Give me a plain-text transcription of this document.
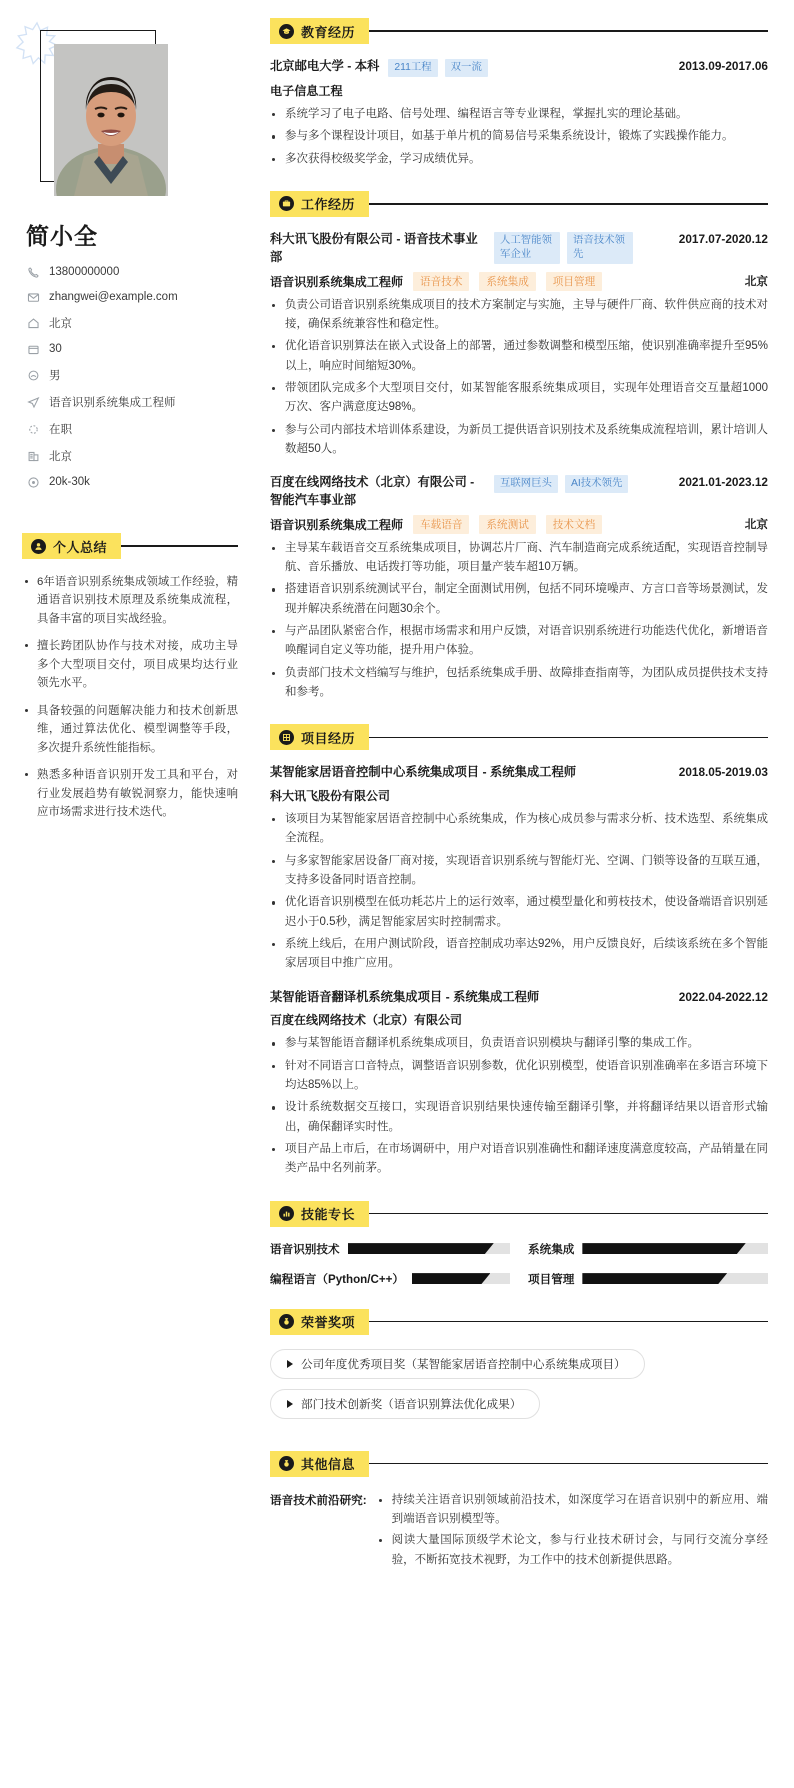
简小全
13800000000
zhangwei@example.com
北京
30
男
语音识别系统集成工程师
在职
北京
20k-30k
个人总结
6年语音识别系统集成领域工作经验，精通语音识别技术原理及系统集成流程，具备丰富的项目实战经验。
擅长跨团队协作与技术对接，成功主导多个大型项目交付，项目成果均达行业领先水平。
具备较强的问题解决能力和技术创新思维，通过算法优化、模型调整等手段，多次提升系统性能指标。
熟悉多种语音识别开发工具和平台，对行业发展趋势有敏锐洞察力，能快速响应市场需求进行技术迭代。
教育经历
北京邮电大学 - 本科	211工程	双一流	2013.09-2017.06
电子信息工程
系统学习了电子电路、信号处理、编程语言等专业课程，掌握扎实的理论基础。
参与多个课程设计项目，如基于单片机的简易信号采集系统设计，锻炼了实践操作能力。
多次获得校级奖学金，学习成绩优异。
工作经历
科大讯飞股份有限公司 - 语音技术事业部
人工智能领军企业
语音技术领先
2017.07-2020.12
语音识别系统集成工程师	语音技术	系统集成	项目管理	北京
负责公司语音识别系统集成项目的技术方案制定与实施，主导与硬件厂商、软件供应商的技术对接，确保系统兼容性和稳定性。
优化语音识别算法在嵌入式设备上的部署，通过参数调整和模型压缩，使识别准确率提升至95%以上，响应时间缩短30%。
带领团队完成多个大型项目交付，如某智能客服系统集成项目，实现年处理语音交互量超1000万次、客户满意度达98%。
参与公司内部技术培训体系建设，为新员工提供语音识别技术及系统集成流程培训，累计培训人数超50人。
百度在线网络技术（北京）有限公司 - 智能汽车事业部
互联网巨头	AI技术领先	2021.01-2023.12
语音识别系统集成工程师	车载语音	系统测试	技术文档	北京
主导某车载语音交互系统集成项目，协调芯片厂商、汽车制造商完成系统适配，实现语音控制导航、音乐播放、电话拨打等功能，项目量产装车超10万辆。
搭建语音识别系统测试平台，制定全面测试用例，包括不同环境噪声、方言口音等场景测试，发现并解决系统潜在问题30余个。
与产品团队紧密合作，根据市场需求和用户反馈，对语音识别系统进行功能迭代优化，新增语音唤醒词自定义等功能，提升用户体验。
负责部门技术文档编写与维护，包括系统集成手册、故障排查指南等，为团队成员提供技术支持和参考。
项目经历
某智能家居语音控制中心系统集成项目 - 系统集成工程师	2018.05-2019.03
科大讯飞股份有限公司
该项目为某智能家居语音控制中心系统集成，作为核心成员参与需求分析、技术选型、系统集成全流程。
与多家智能家居设备厂商对接，实现语音识别系统与智能灯光、空调、门锁等设备的互联互通，支持多设备同时语音控制。
优化语音识别模型在低功耗芯片上的运行效率，通过模型量化和剪枝技术，使设备端语音识别延迟小于0.5秒，满足智能家居实时控制需求。
系统上线后，在用户测试阶段，语音控制成功率达92%，用户反馈良好，后续该系统在多个智能家居项目中推广应用。
某智能语音翻译机系统集成项目 - 系统集成工程师	2022.04-2022.12
百度在线网络技术（北京）有限公司
参与某智能语音翻译机系统集成项目，负责语音识别模块与翻译引擎的集成工作。
针对不同语言口音特点，调整语音识别参数，优化识别模型，使语音识别准确率在多语言环境下均达85%以上。
设计系统数据交互接口，实现语音识别结果快速传输至翻译引擎，并将翻译结果以语音形式输出，确保翻译实时性。
项目产品上市后，在市场调研中，用户对语音识别准确性和翻译速度满意度较高，产品销量在同类产品中名列前茅。
技能专长
语音识别技术	系统集成
编程语言（Python/C++）	项目管理
荣誉奖项
公司年度优秀项目奖（某智能家居语音控制中心系统集成项目）
部门技术创新奖（语音识别算法优化成果）
其他信息
语音技术前沿研究:	持续关注语音识别领域前沿技术，如深度学习在语音识别中的新应用、端到端语音识别模型等。
阅读大量国际顶级学术论文，参与行业技术研讨会，与同行交流分享经验，不断拓宽技术视野，为工作中的技术创新提供思路。
